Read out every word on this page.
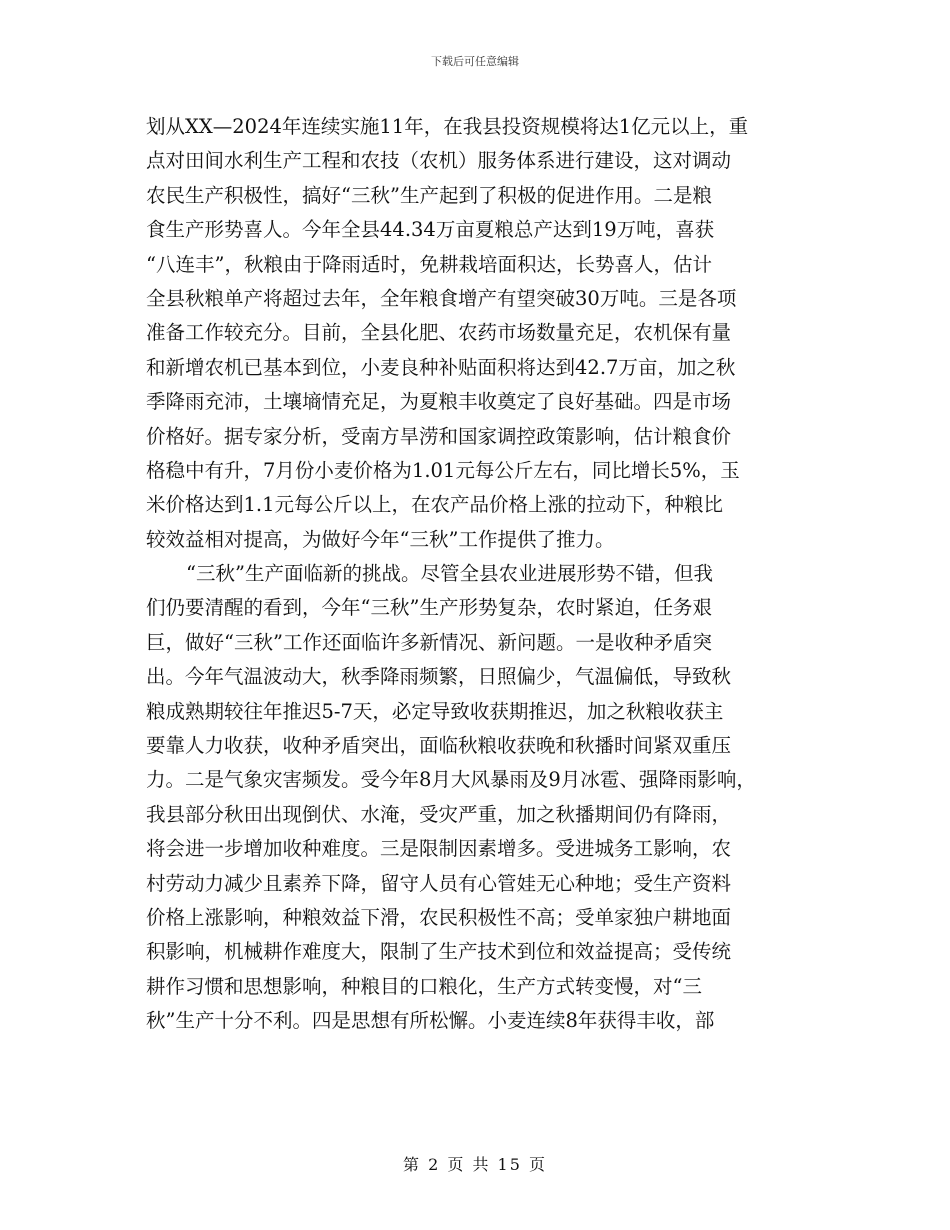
下载后可任意编辑
划从XX—2024年连续实施11年，在我县投资规模将达1亿元以上，重
点对田间水利生产工程和农技（农机）服务体系进行建设，这对调动
农民生产积极性，搞好“三秋”生产起到了积极的促进作用。二是粮
食生产形势喜人。今年全县44.34万亩夏粮总产达到19万吨，喜获
“八连丰”，秋粮由于降雨适时，免耕栽培面积达，长势喜人，估计
全县秋粮单产将超过去年，全年粮食增产有望突破30万吨。三是各项
准备工作较充分。目前，全县化肥、农药市场数量充足，农机保有量
和新增农机已基本到位，小麦良种补贴面积将达到42.7万亩，加之秋
季降雨充沛，土壤墒情充足，为夏粮丰收奠定了良好基础。四是市场
价格好。据专家分析，受南方旱涝和国家调控政策影响，估计粮食价
格稳中有升，7月份小麦价格为1.01元每公斤左右，同比增长5%，玉
米价格达到1.1元每公斤以上，在农产品价格上涨的拉动下，种粮比
较效益相对提高，为做好今年“三秋”工作提供了推力。
“三秋”生产面临新的挑战。尽管全县农业进展形势不错，但我
们仍要清醒的看到，今年“三秋”生产形势复杂，农时紧迫，任务艰
巨，做好“三秋”工作还面临许多新情况、新问题。一是收种矛盾突
出。今年气温波动大，秋季降雨频繁，日照偏少，气温偏低，导致秋
粮成熟期较往年推迟5-7天，必定导致收获期推迟，加之秋粮收获主
要靠人力收获，收种矛盾突出，面临秋粮收获晚和秋播时间紧双重压
力。二是气象灾害频发。受今年8月大风暴雨及9月冰雹、强降雨影响，
我县部分秋田出现倒伏、水淹，受灾严重，加之秋播期间仍有降雨，
将会进一步增加收种难度。三是限制因素增多。受进城务工影响，农
村劳动力减少且素养下降，留守人员有心管娃无心种地；受生产资料
价格上涨影响，种粮效益下滑，农民积极性不高；受单家独户耕地面
积影响，机械耕作难度大，限制了生产技术到位和效益提高；受传统
耕作习惯和思想影响，种粮目的口粮化，生产方式转变慢，对“三
秋”生产十分不利。四是思想有所松懈。小麦连续8年获得丰收，部
第 2 页 共 15 页
